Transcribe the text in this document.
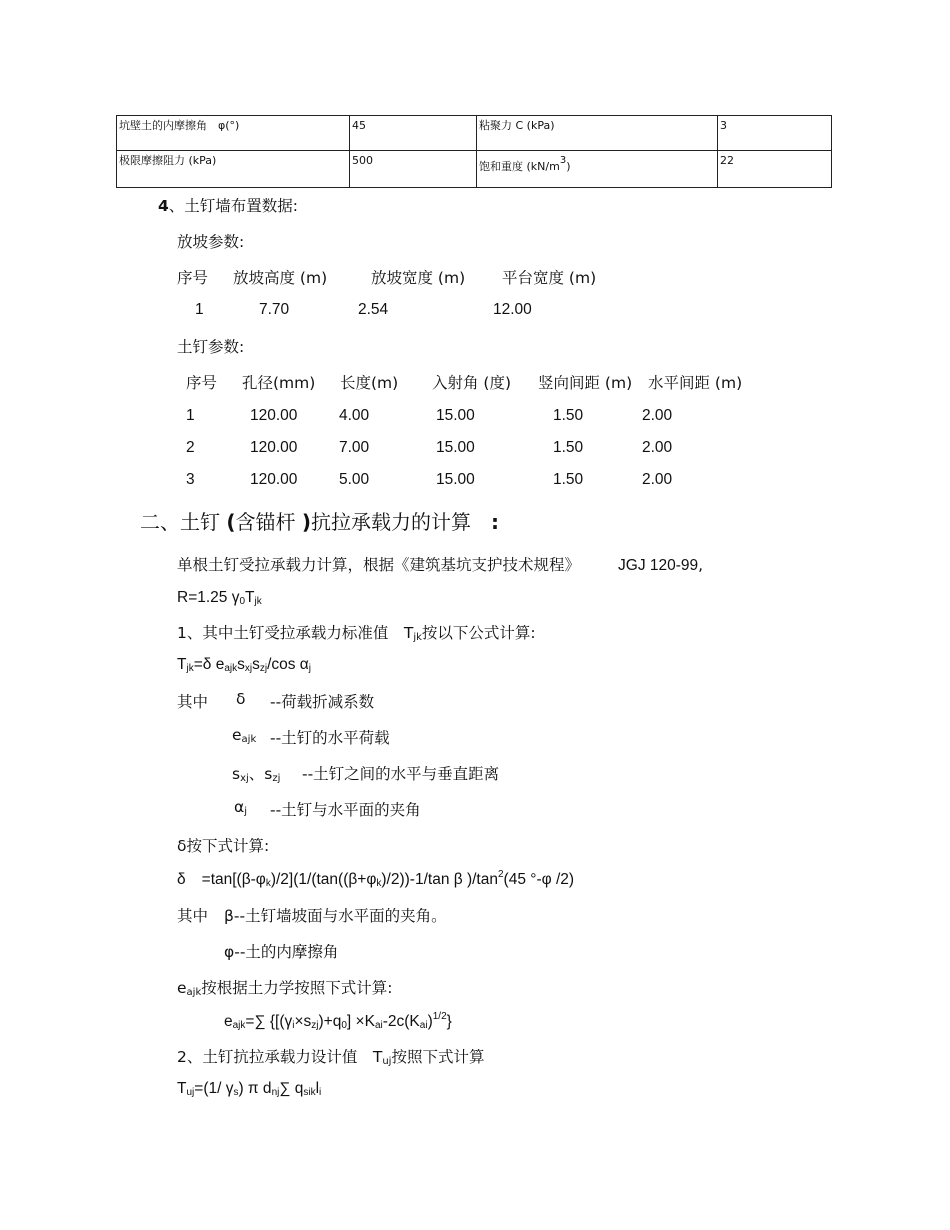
坑壁土的内摩擦角　φ(°)	45	粘聚力 C (kPa)	3
极限摩擦阻力 (kPa)	500	饱和重度 (kN/m3)	22
4、土钉墙布置数据:
放坡参数:
序号 放坡高度 (m)	放坡宽度 (m) 平台宽度 (m)
1	7.70	2.54	12.00
土钉参数:
序号 孔径(mm) 长度(m) 入射角 (度) 竖向间距 (m) 水平间距 (m)
1	120.00	4.00	15.00	1.50	2.00
2	120.00	7.00	15.00	1.50	2.00
3	120.00	5.00	15.00	1.50	2.00
二、土钉 (含锚杆 )抗拉承载力的计算　:
单根土钉受拉承载力计算，根据《建筑基坑支护技术规程》 JGJ 120-99,
R=1.25 $\gamma_0T_{jk}$
1、其中土钉受拉承载力标准值　$T_{jk}$按以下公式计算:
$T_{jk}=\delta$ $e_{ajk}s_{xj}s_{zj}/\cos$ $\alpha_j$
其中 δ --荷载折减系数
$e_{ajk}$ --土钉的水平荷载
$s_{xj}$、$s_{zj}$ --土钉之间的水平与垂直距离
$\alpha_j$ --土钉与水平面的夹角
δ按下式计算:
$\delta =\tan[(\beta-\varphi_k)/2](1/(\tan((\beta+\varphi_k)/2))-1/\tan$ β )$/\tan^2(45$ °-φ /2)
其中 β--土钉墙坡面与水平面的夹角。
φ--土的内摩擦角
$e_{ajk}$按根据土力学按照下式计算:
$e_{ajk}=\sum$ $\{[(\gamma_i\times s_{zj})+q_0] \times K_{ai}-2c(K_{ai})^{1/2}\}$
2、土钉抗拉承载力设计值　$T_{uj}$按照下式计算
$T_{uj}=(1/$ $\gamma_s$) π $d_{nj}\sum$ $q_{sik}l_i$
